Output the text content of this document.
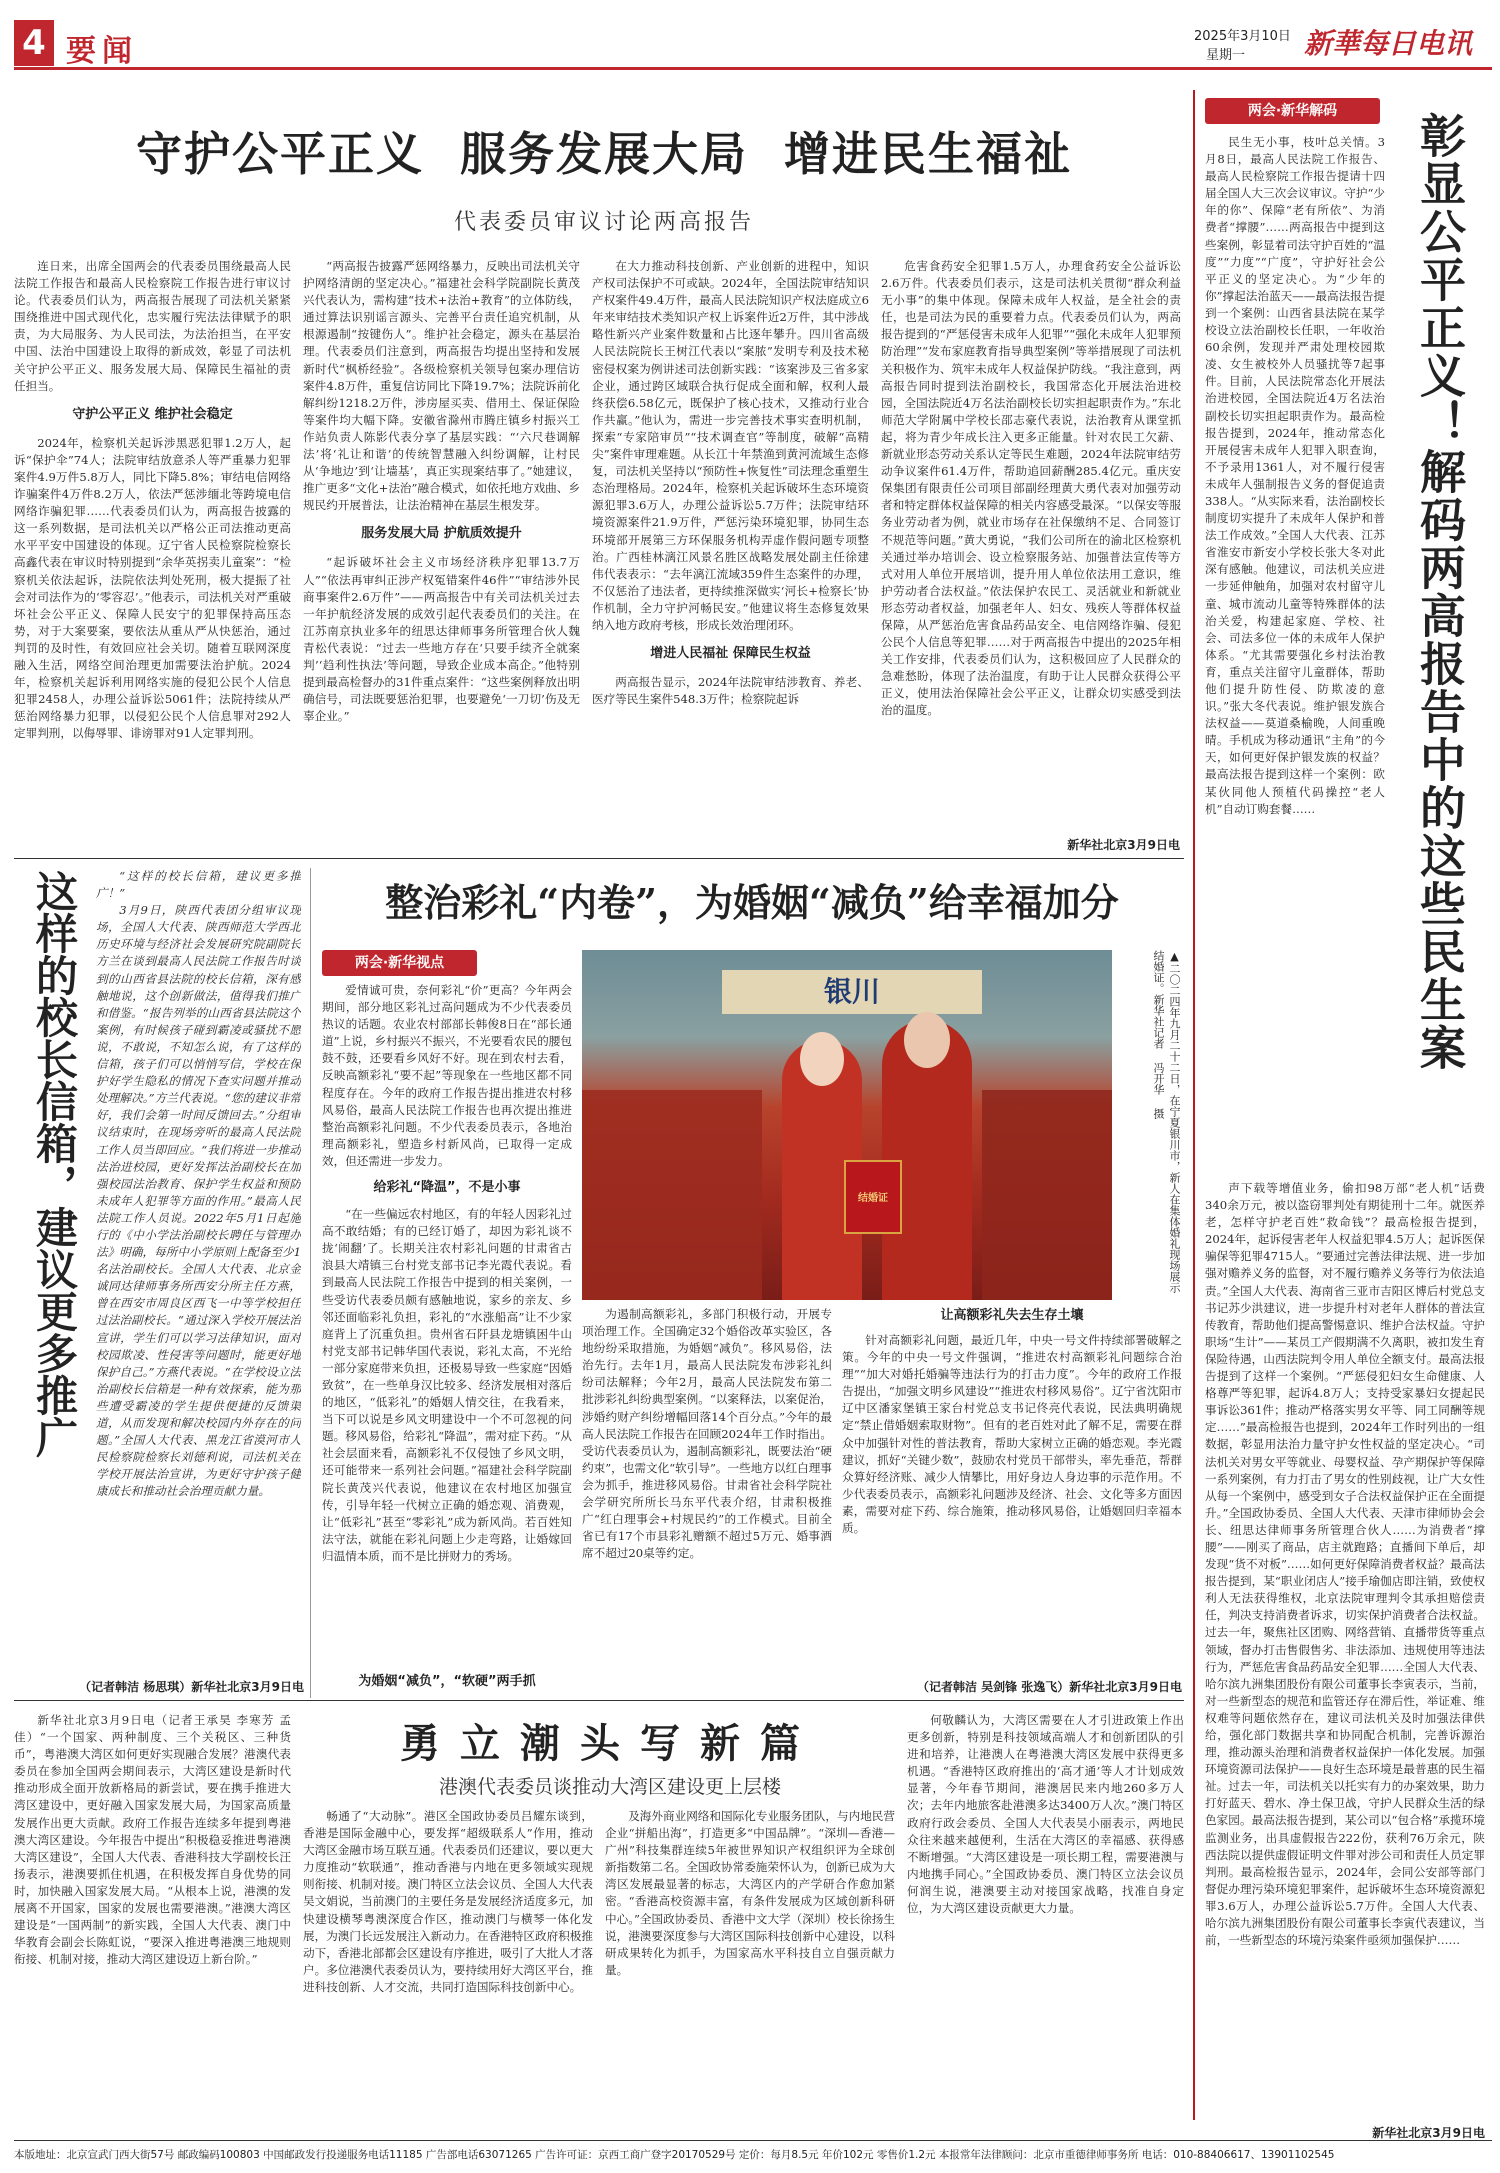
4 要闻	2025年3月10日
星期一 新華每日电讯
守护公平正义  服务发展大局  增进民生福祉
代表委员审议讨论两高报告

连日来，出席全国两会的代表委员围绕最高人民法院工作报告和最高人民检察院工作报告进行审议讨论。代表委员们认为，两高报告展现了司法机关紧紧围绕推进中国式现代化，忠实履行宪法法律赋予的职责，为大局服务、为人民司法，为法治担当，在平安中国、法治中国建设上取得的新成效，彰显了司法机关守护公平正义、服务发展大局、保障民生福祉的责任担当。

守护公平正义 维护社会稳定

2024年，检察机关起诉涉黑恶犯罪1.2万人，起诉“保护伞”74人；法院审结放意杀人等严重暴力犯罪案件4.9万件5.8万人，同比下降5.8%；审结电信网络诈骗案件4万件8.2万人，依法严惩涉缅北等跨境电信网络诈骗犯罪……代表委员们认为，两高报告披露的这一系列数据，是司法机关以严格公正司法推动更高水平平安中国建设的体现。辽宁省人民检察院检察长高鑫代表在审议时特别提到“余华英拐卖儿童案”：“检察机关依法起诉，法院依法判处死刑，极大提振了社会对司法作为的‘零容忍’。”他表示，司法机关对严重破坏社会公平正义、保障人民安宁的犯罪保持高压态势，对于大案要案，要依法从重从严从快惩治，通过判罚的及时性，有效回应社会关切。随着互联网深度融入生活，网络空间治理更加需要法治护航。2024年，检察机关起诉利用网络实施的侵犯公民个人信息犯罪2458人，办理公益诉讼5061件；法院持续从严惩治网络暴力犯罪，以侵犯公民个人信息罪对292人定罪判刑，以侮辱罪、诽谤罪对91人定罪判刑。

“两高报告披露严惩网络暴力，反映出司法机关守护网络清朗的坚定决心。”福建社会科学院副院长黄茂兴代表认为，需构建“技术+法治+教育”的立体防线，通过算法识别谣言源头、完善平台责任追究机制，从根源遏制“按键伤人”。维护社会稳定，源头在基层治理。代表委员们注意到，两高报告均提出坚持和发展新时代“枫桥经验”。各级检察机关领导包案办理信访案件4.8万件，重复信访同比下降19.7%；法院诉前化解纠纷1218.2万件，涉房屋买卖、借用土、保证保险等案件均大幅下降。安徽省滁州市腾庄镇乡村振兴工作站负责人陈影代表分享了基层实践：“‘六尺巷调解法’将‘礼让和谐’的传统智慧融入纠纷调解，让村民从‘争地边’到‘让墙基’，真正实现案结事了。”她建议，推广更多“文化+法治”融合模式，如依托地方戏曲、乡规民约开展普法，让法治精神在基层生根发芽。

服务发展大局 护航质效提升

“起诉破坏社会主义市场经济秩序犯罪13.7万人”“依法再审纠正涉产权冤错案件46件”“审结涉外民商事案件2.6万件”——两高报告中有关司法机关过去一年护航经济发展的成效引起代表委员们的关注。在江苏南京执业多年的纽思达律师事务所管理合伙人魏青松代表说：“过去一些地方存在‘只要手续齐全就案判’‘趋利性执法’等问题，导致企业成本高企。”他特别提到最高检督办的31件重点案件：“这些案例释放出明确信号，司法既要惩治犯罪，也要避免‘一刀切’伤及无辜企业。”

在大力推动科技创新、产业创新的进程中，知识产权司法保护不可或缺。2024年，全国法院审结知识产权案件49.4万件，最高人民法院知识产权法庭成立6年来审结技术类知识产权上诉案件近2万件，其中涉战略性新兴产业案件数量和占比逐年攀升。四川省高级人民法院院长王树江代表以“案脓”发明专利及技术秘密侵权案为例讲述司法创新实践：“该案涉及三省多家企业，通过跨区域联合执行促成全面和解，权利人最终获偿6.58亿元，既保护了核心技术，又推动行业合作共赢。”他认为，需进一步完善技术事实查明机制，探索“专家陪审员”“技术调查官”等制度，破解“高精尖”案件审理难题。从长江十年禁渔到黄河流域生态修复，司法机关坚持以“预防性+恢复性”司法理念重塑生态治理格局。2024年，检察机关起诉破坏生态环境资源犯罪3.6万人，办理公益诉讼5.7万件；法院审结环境资源案件21.9万件，严惩污染环境犯罪，协同生态环境部开展第三方环保服务机构弄虚作假问题专项整治。广西桂林漓江风景名胜区战略发展处副主任徐建伟代表表示：“去年漓江流域359件生态案件的办理，不仅惩治了违法者，更持续推深做实‘河长+检察长’协作机制，全力守护河畅民安。”他建议将生态修复效果纳入地方政府考核，形成长效治理闭环。

增进人民福祉 保障民生权益

两高报告显示，2024年法院审结涉教育、养老、医疗等民生案件548.3万件；检察院起诉

危害食药安全犯罪1.5万人，办理食药安全公益诉讼2.6万件。代表委员们表示，这是司法机关贯彻“群众利益无小事”的集中体现。保障未成年人权益，是全社会的责任，也是司法为民的重要着力点。代表委员们认为，两高报告提到的“严惩侵害未成年人犯罪”“强化未成年人犯罪预防治理”“发布家庭教育指导典型案例”等举措展现了司法机关积极作为、筑牢未成年人权益保护防线。“我注意到，两高报告同时提到法治副校长，我国常态化开展法治进校园，全国法院近4万名法治副校长切实担起职责作为。”东北师范大学附属中学校长邵志豪代表说，法治教育从课堂抓起，将为青少年成长注入更多正能量。针对农民工欠薪、新就业形态劳动关系认定等民生难题，2024年法院审结劳动争议案件61.4万件，帮助追回薪酬285.4亿元。重庆安保集团有限责任公司项目部副经理黄大勇代表对加强劳动者和特定群体权益保障的相关内容感受最深。“以保安等服务业劳动者为例，就业市场存在社保缴纳不足、合同签订不规范等问题。”黄大勇说，“我们公司所在的渝北区检察机关通过举办培训会、设立检察服务站、加强普法宣传等方式对用人单位开展培训，提升用人单位依法用工意识，维护劳动者合法权益。”依法保护农民工、灵活就业和新就业形态劳动者权益，加强老年人、妇女、残疾人等群体权益保障，从严惩治危害食品药品安全、电信网络诈骗、侵犯公民个人信息等犯罪……对于两高报告中提出的2025年相关工作安排，代表委员们认为，这积极回应了人民群众的急难愁盼，体现了法治温度，有助于让人民群众获得公平正义，使用法治保障社会公平正义，让群众切实感受到法治的温度。

新华社北京3月9日电
两会·新华解码
彰显公平正义！解码两高报告中的这些民生案

民生无小事，枝叶总关情。3月8日，最高人民法院工作报告、最高人民检察院工作报告提请十四届全国人大三次会议审议。守护“少年的你”、保障“老有所依”、为消费者“撑腰”……两高报告中提到这些案例，彰显着司法守护百姓的“温度”“力度”“广度”，守护好社会公平正义的坚定决心。为“少年的你”撑起法治蓝天——最高法报告提到一个案例：山西省县法院在某学校设立法治副校长任职，一年收治60余例，发现并严肃处理校园欺凌、女生被校外人员骚扰等7起事件。目前，人民法院常态化开展法治进校园，全国法院近4万名法治副校长切实担起职责作为。最高检报告提到，2024年，推动常态化开展侵害未成年人犯罪入职查询，不予录用1361人，对不履行侵害未成年人强制报告义务的督促追责338人。“从实际来看，法治副校长制度切实提升了未成年人保护和普法工作成效。”全国人大代表、江苏省淮安市新安小学校长张大冬对此深有感触。他建议，司法机关应进一步延伸触角，加强对农村留守儿童、城市流动儿童等特殊群体的法治关爱，构建起家庭、学校、社会、司法多位一体的未成年人保护体系。“尤其需要强化乡村法治教育，重点关注留守儿童群体，帮助他们提升防性侵、防欺凌的意识。”张大冬代表说。维护银发族合法权益——莫道桑榆晚，人间重晚晴。手机成为移动通讯“主角”的今天，如何更好保护银发族的权益？最高法报告提到这样一个案例：欧某伙同他人预植代码操控“老人机”自动订购套餐……

声下载等增值业务，偷扣98万部“老人机”话费340余万元，被以盗窃罪判处有期徒刑十二年。就医养老，怎样守护老百姓“救命钱”？最高检报告提到，2024年，起诉侵害老年人权益犯罪4.5万人；起诉医保骗保等犯罪4715人。“要通过完善法律法规、进一步加强对赡养义务的监督，对不履行赡养义务等行为依法追责。”全国人大代表、海南省三亚市吉阳区博后村党总支书记苏少洪建议，进一步提升村对老年人群体的普法宣传教育，帮助他们提高警惕意识、维护合法权益。守护职场“生计”——某员工产假期满不久离职，被扣发生育保险待遇，山西法院判令用人单位全额支付。最高法报告提到了这样一个案例。“严惩侵犯妇女生命健康、人格尊严等犯罪，起诉4.8万人；支持受家暴妇女提起民事诉讼361件；推动严格落实男女平等、同工同酬等规定……”最高检报告也提到，2024年工作时列出的一组数据，彰显用法治力量守护女性权益的坚定决心。“司法机关对男女平等就业、母婴权益、孕产期保护等保障一系列案例，有力打击了男女的性别歧视，让广大女性从每一个案例中，感受到女子合法权益保护正在全面提升。”全国政协委员、全国人大代表、天津市律师协会会长、纽思达律师事务所管理合伙人……为消费者“撑腰”——刚买了商品，店主就跑路；直播间下单后，却发现“货不对板”……如何更好保障消费者权益？最高法报告提到，某“职业闭店人”接手瑜伽店即注销，致使权利人无法获得维权，北京法院审理判令其承担赔偿责任，判决支持消费者诉求，切实保护消费者合法权益。过去一年，聚焦社区团购、网络营销、直播带货等重点领域，督办打击售假售劣、非法添加、违规使用等违法行为，严惩危害食品药品安全犯罪……全国人大代表、哈尔滨九洲集团股份有限公司董事长李寅表示，当前，对一些新型态的规范和监管还存在滞后性，举证难、维权难等问题依然存在，建议司法机关及时加强法律供给，强化部门数据共享和协同配合机制，完善诉源治理，推动源头治理和消费者权益保护一体化发展。加强环境资源司法保护——良好生态环境是最普惠的民生福祉。过去一年，司法机关以托实有力的办案效果，助力打好蓝天、碧水、净土保卫战，守护人民群众生活的绿色家园。最高法报告提到，某公司以“包合格”承揽环境监测业务，出具虚假报告222份，获利76万余元，陕西法院以提供虚假证明文件罪对涉公司和责任人员定罪判刑。最高检报告显示，2024年，会同公安部等部门督促办理污染环境犯罪案件，起诉破坏生态环境资源犯罪3.6万人，办理公益诉讼5.7万件。全国人大代表、哈尔滨九洲集团股份有限公司董事长李寅代表建议，当前，一些新型态的环境污染案件亟须加强保护……

新华社北京3月9日电
这样的校长信箱，建议更多推广	“这样的校长信箱，建议更多推广！”

3月9日，陕西代表团分组审议现场，全国人大代表、陕西师范大学西北历史环境与经济社会发展研究院副院长方兰在谈到最高人民法院工作报告时谈到的山西省县法院的校长信箱，深有感触地说，这个创新做法，值得我们推广和借鉴。“报告列举的山西省县法院这个案例，有时候孩子碰到霸凌或骚扰不愿说，不敢说，不知怎么说，有了这样的信箱，孩子们可以悄悄写信，学校在保护好学生隐私的情况下查实问题并推动处理解决。”方兰代表说。“您的建议非常好，我们会第一时间反馈回去。”分组审议结束时，在现场旁听的最高人民法院工作人员当即回应。“我们将进一步推动法治进校园，更好发挥法治副校长在加强校园法治教育、保护学生权益和预防未成年人犯罪等方面的作用。”最高人民法院工作人员说。2022年5月1日起施行的《中小学法治副校长聘任与管理办法》明确，每所中小学原则上配备至少1名法治副校长。全国人大代表、北京金诚同达律师事务所西安分所主任方燕，曾在西安市周良区西飞一中等学校担任过法治副校长。“通过深入学校开展法治宣讲，学生们可以学习法律知识，面对校园欺凌、性侵害等问题时，能更好地保护自己。”方燕代表说。“在学校设立法治副校长信箱是一种有效探索，能为那些遭受霸凌的学生提供便捷的反馈渠道，从而发现和解决校园内外存在的问题。”全国人大代表、黑龙江省漠河市人民检察院检察长刘德利说，司法机关在学校开展法治宣讲，为更好守护孩子健康成长和推动社会治理贡献力量。

（记者韩洁 杨思琪）新华社北京3月9日电
整治彩礼“内卷”，为婚姻“减负”给幸福加分
两会·新华视点

爱情诚可贵，奈何彩礼“价”更高？今年两会期间，部分地区彩礼过高问题成为不少代表委员热议的话题。农业农村部部长韩俊8日在“部长通道”上说，乡村振兴不振兴，不光要看农民的腰包鼓不鼓，还要看乡风好不好。现在到农村去看，反映高额彩礼“要不起”等现象在一些地区都不同程度存在。今年的政府工作报告提出推进农村移风易俗，最高人民法院工作报告也再次提出推进整治高额彩礼问题。不少代表委员表示，各地治理高额彩礼，塑造乡村新风尚，已取得一定成效，但还需进一步发力。

给彩礼“降温”，不是小事

“在一些偏远农村地区，有的年轻人因彩礼过高不敢结婚；有的已经订婚了，却因为彩礼谈不拢‘闹翻’了。长期关注农村彩礼问题的甘肃省古浪县大靖镇三台村党支部书记李光霞代表说。看到最高人民法院工作报告中提到的相关案例，一些受访代表委员颇有感触地说，家乡的亲友、乡邻还面临彩礼负担，彩礼的“水涨船高”让不少家庭背上了沉重负担。贵州省石阡县龙塘镇困牛山村党支部书记韩华国代表说，彩礼太高，不光给一部分家庭带来负担，还极易导致一些家庭“因婚致贫”，在一些单身汉比较多、经济发展相对落后的地区，“低彩礼”的婚姻人情交往，在我看来，当下可以说是乡风文明建设中一个不可忽视的问题。移风易俗，给彩礼“降温”，需对症下药。“从社会层面来看，高额彩礼不仅侵蚀了乡风文明，还可能带来一系列社会问题。”福建社会科学院副院长黄茂兴代表说，他建议在农村地区加强宣传，引导年轻一代树立正确的婚恋观、消费观，让“低彩礼”甚至“零彩礼”成为新风尚。若百姓知法守法，就能在彩礼问题上少走弯路，让婚嫁回归温情本质，而不是比拼财力的秀场。

银川
结婚证	▲二〇二四年九月二十二日，在宁夏银川市，新人在集体婚礼现场展示结婚证。新华社记者 冯开华 摄

为遏制高额彩礼，多部门积极行动，开展专项治理工作。全国确定32个婚俗改革实验区，各地纷纷采取措施，为婚姻“减负”。移风易俗，法治先行。去年1月，最高人民法院发布涉彩礼纠纷司法解释；今年2月，最高人民法院发布第二批涉彩礼纠纷典型案例。“以案释法，以案促治，涉婚约财产纠纷增幅回落14个百分点。”今年的最高人民法院工作报告在回顾2024年工作时指出。受访代表委员认为，遏制高额彩礼，既要法治“硬约束”，也需文化“软引导”。一些地方以红白理事会为抓手，推进移风易俗。甘肃省社会科学院社会学研究所所长马东平代表介绍，甘肃积极推广“红白理事会+村规民约”的工作模式。目前全省已有17个市县彩礼赠额不超过5万元、婚事酒席不超过20桌等约定。

让高额彩礼失去生存土壤

针对高额彩礼问题，最近几年，中央一号文件持续部署破解之策。今年的中央一号文件强调，“推进农村高额彩礼问题综合治理”“加大对婚托婚骗等违法行为的打击力度”。今年的政府工作报告提出，“加强文明乡风建设”“推进农村移风易俗”。辽宁省沈阳市辽中区潘家堡镇王家台村党总支书记佟亮代表说，民法典明确规定“禁止借婚姻索取财物”。但有的老百姓对此了解不足，需要在群众中加强针对性的普法教育，帮助大家树立正确的婚恋观。李光霞建议，抓好“关键少数”，鼓励农村党员干部带头，率先垂范，帮群众算好经济账、减少人情攀比，用好身边人身边事的示范作用。不少代表委员表示，高额彩礼问题涉及经济、社会、文化等多方面因素，需要对症下药、综合施策，推动移风易俗，让婚姻回归幸福本质。

为婚姻“减负”，“软硬”两手抓	（记者韩洁 吴剑锋 张逸飞）新华社北京3月9日电
勇立潮头写新篇
港澳代表委员谈推动大湾区建设更上层楼

新华社北京3月9日电（记者王承昊 李寒芳 孟佳）“一个国家、两种制度、三个关税区、三种货币”，粤港澳大湾区如何更好实现融合发展？港澳代表委员在参加全国两会期间表示，大湾区建设是新时代推动形成全面开放新格局的新尝试，要在携手推进大湾区建设中，更好融入国家发展大局，为国家高质量发展作出更大贡献。政府工作报告连续多年提到粤港澳大湾区建设。今年报告中提出“积极稳妥推进粤港澳大湾区建设”，全国人大代表、香港科技大学副校长汪扬表示，港澳要抓住机遇，在积极发挥自身优势的同时，加快融入国家发展大局。“从根本上说，港澳的发展离不开国家，国家的发展也需要港澳。”港澳大湾区建设是“一国两制”的新实践，全国人大代表、澳门中华教育会副会长陈虹说，“要深入推进粤港澳三地规则衔接、机制对接，推动大湾区建设迈上新台阶。”

畅通了“大动脉”。港区全国政协委员吕耀东谈到，香港是国际金融中心，要发挥“超级联系人”作用，推动大湾区金融市场互联互通。代表委员们还建议，要以更大力度推动“软联通”，推动香港与内地在更多领域实现规则衔接、机制对接。澳门特区立法会议员、全国人大代表吴文娟说，当前澳门的主要任务是发展经济适度多元，加快建设横琴粤澳深度合作区，推动澳门与横琴一体化发展，为澳门长远发展注入新动力。在香港特区政府积极推动下，香港北部都会区建设有序推进，吸引了大批人才落户。多位港澳代表委员认为，要持续用好大湾区平台，推进科技创新、人才交流，共同打造国际科技创新中心。

及海外商业网络和国际化专业服务团队，与内地民营企业“拼船出海”，打造更多“中国品牌”。“深圳—香港—广州”科技集群连续5年被世界知识产权组织评为全球创新指数第二名。全国政协常委施荣怀认为，创新已成为大湾区发展最显著的标志，大湾区内的产学研合作愈加紧密。“香港高校资源丰富，有条件发展成为区域创新科研中心。”全国政协委员、香港中文大学（深圳）校长徐扬生说，港澳要深度参与大湾区国际科技创新中心建设，以科研成果转化为抓手，为国家高水平科技自立自强贡献力量。

何敬麟认为，大湾区需要在人才引进政策上作出更多创新，特别是科技领域高端人才和创新团队的引进和培养，让港澳人在粤港澳大湾区发展中获得更多机遇。“香港特区政府推出的‘高才通’等人才计划成效显著，今年春节期间，港澳居民来内地260多万人次；去年内地旅客赴港澳多达3400万人次。”澳门特区政府行政会委员、全国人大代表吴小丽表示，两地民众往来越来越便利，生活在大湾区的幸福感、获得感不断增强。“大湾区建设是一项长期工程，需要港澳与内地携手同心。”全国政协委员、澳门特区立法会议员何润生说，港澳要主动对接国家战略，找准自身定位，为大湾区建设贡献更大力量。

本版地址：北京宣武门西大街57号 邮政编码100803 中国邮政发行投递服务电话11185 广告部电话63071265 广告许可证：京西工商广登字20170529号 定价：每月8.5元 年价102元 零售价1.2元 本报常年法律顾问：北京市重德律师事务所 电话：010-88406617、13901102545
